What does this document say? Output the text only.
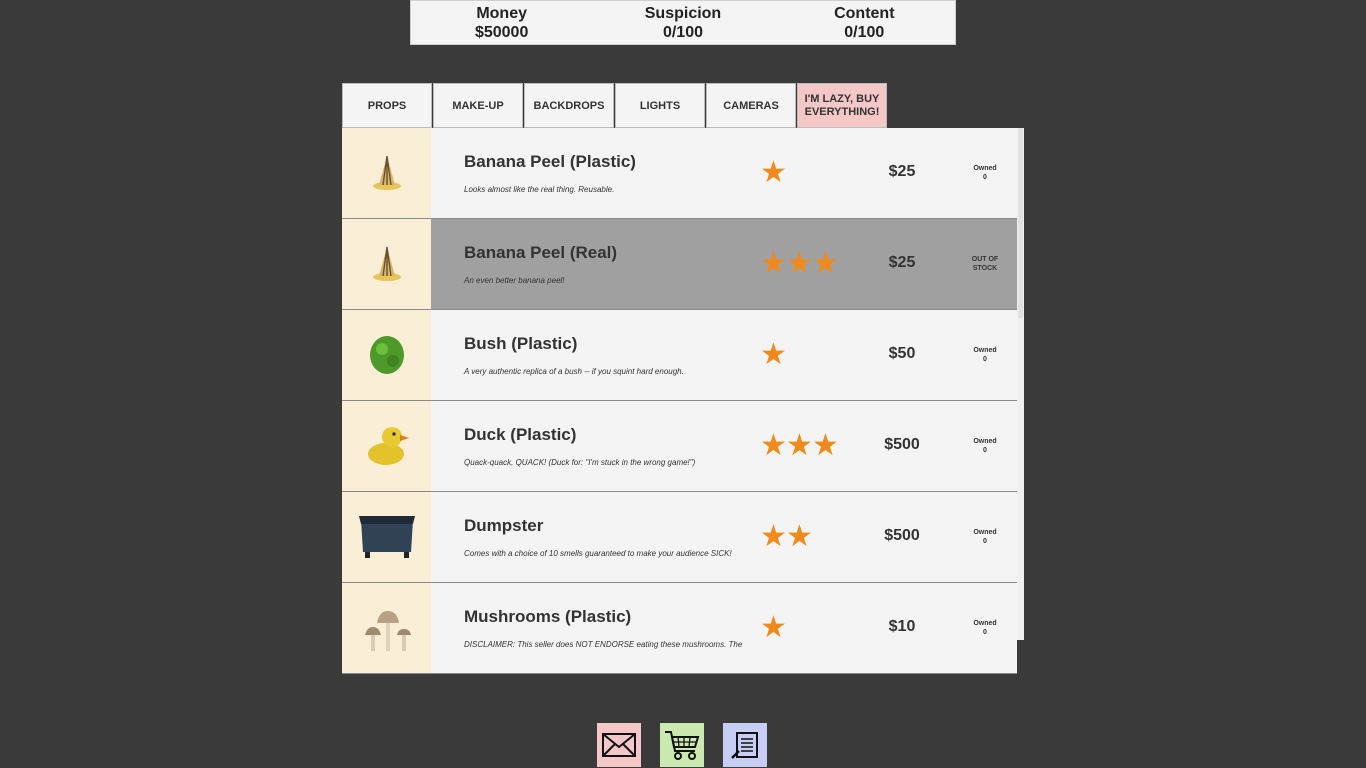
Money
$50000
Suspicion
0/100
Content
0/100
PROPS	MAKE-UP	BACKDROPS	LIGHTS	CAMERAS
I'M LAZY, BUY EVERYTHING!
Banana Peel (Plastic)
Looks almost like the real thing. Reusable.
★	$25	Owned
0
Banana Peel (Real)
An even better banana peel!
★ ★ ★	$25	OUT OF STOCK
Bush (Plastic)
A very authentic replica of a bush -- if you squint hard enough.
★	$50	Owned
0
Duck (Plastic)
Quack-quack, QUACK! (Duck for: "I'm stuck in the wrong game!")
★ ★ ★	$500	Owned
0
Dumpster
Comes with a choice of 10 smells guaranteed to make your audience SICK!
★ ★	$500	Owned
0
Mushrooms (Plastic)
DISCLAIMER: This seller does NOT ENDORSE eating these mushrooms. The
★	$10	Owned
0
